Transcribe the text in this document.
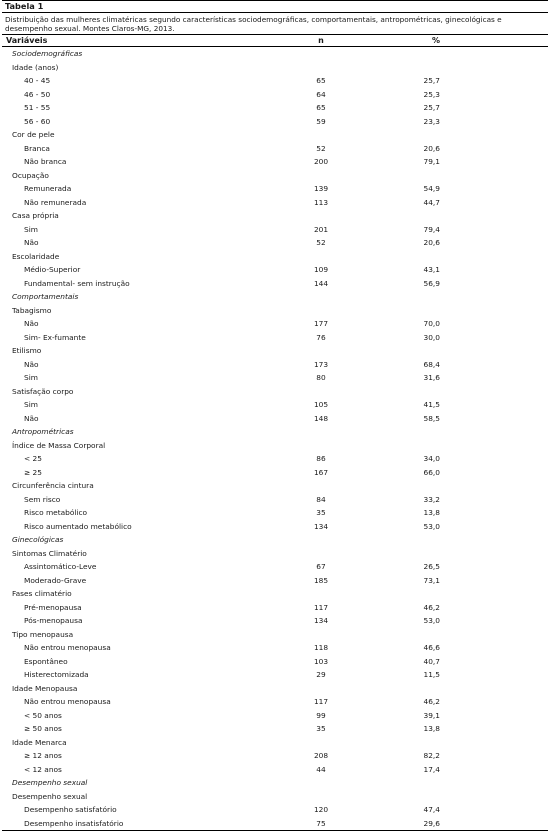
Tabela 1
Distribuição das mulheres climatéricas segundo características sociodemográficas, comportamentais, antropométricas, ginecológicas e desempenho sexual. Montes Claros-MG, 2013.
Variáveis	n	%
Sociodemográficas
Idade (anos)
40 - 45	65	25,7
46 - 50	64	25,3
51 - 55	65	25,7
56 - 60	59	23,3
Cor de pele
Branca	52	20,6
Não branca	200	79,1
Ocupação
Remunerada	139	54,9
Não remunerada	113	44,7
Casa própria
Sim	201	79,4
Não	52	20,6
Escolaridade
Médio-Superior	109	43,1
Fundamental- sem instrução	144	56,9
Comportamentais
Tabagismo
Não	177	70,0
Sim- Ex-fumante	76	30,0
Etilismo
Não	173	68,4
Sim	80	31,6
Satisfação corpo
Sim	105	41,5
Não	148	58,5
Antropométricas
Índice de Massa Corporal
< 25	86	34,0
≥ 25	167	66,0
Circunferência cintura
Sem risco	84	33,2
Risco metabólico	35	13,8
Risco aumentado metabólico	134	53,0
Ginecológicas
Sintomas Climatério
Assintomático-Leve	67	26,5
Moderado-Grave	185	73,1
Fases climatério
Pré-menopausa	117	46,2
Pós-menopausa	134	53,0
Tipo menopausa
Não entrou menopausa	118	46,6
Espontâneo	103	40,7
Histerectomizada	29	11,5
Idade Menopausa
Não entrou menopausa	117	46,2
< 50 anos	99	39,1
≥ 50 anos	35	13,8
Idade Menarca
≥ 12 anos	208	82,2
< 12 anos	44	17,4
Desempenho sexual
Desempenho sexual
Desempenho satisfatório	120	47,4
Desempenho insatisfatório	75	29,6
